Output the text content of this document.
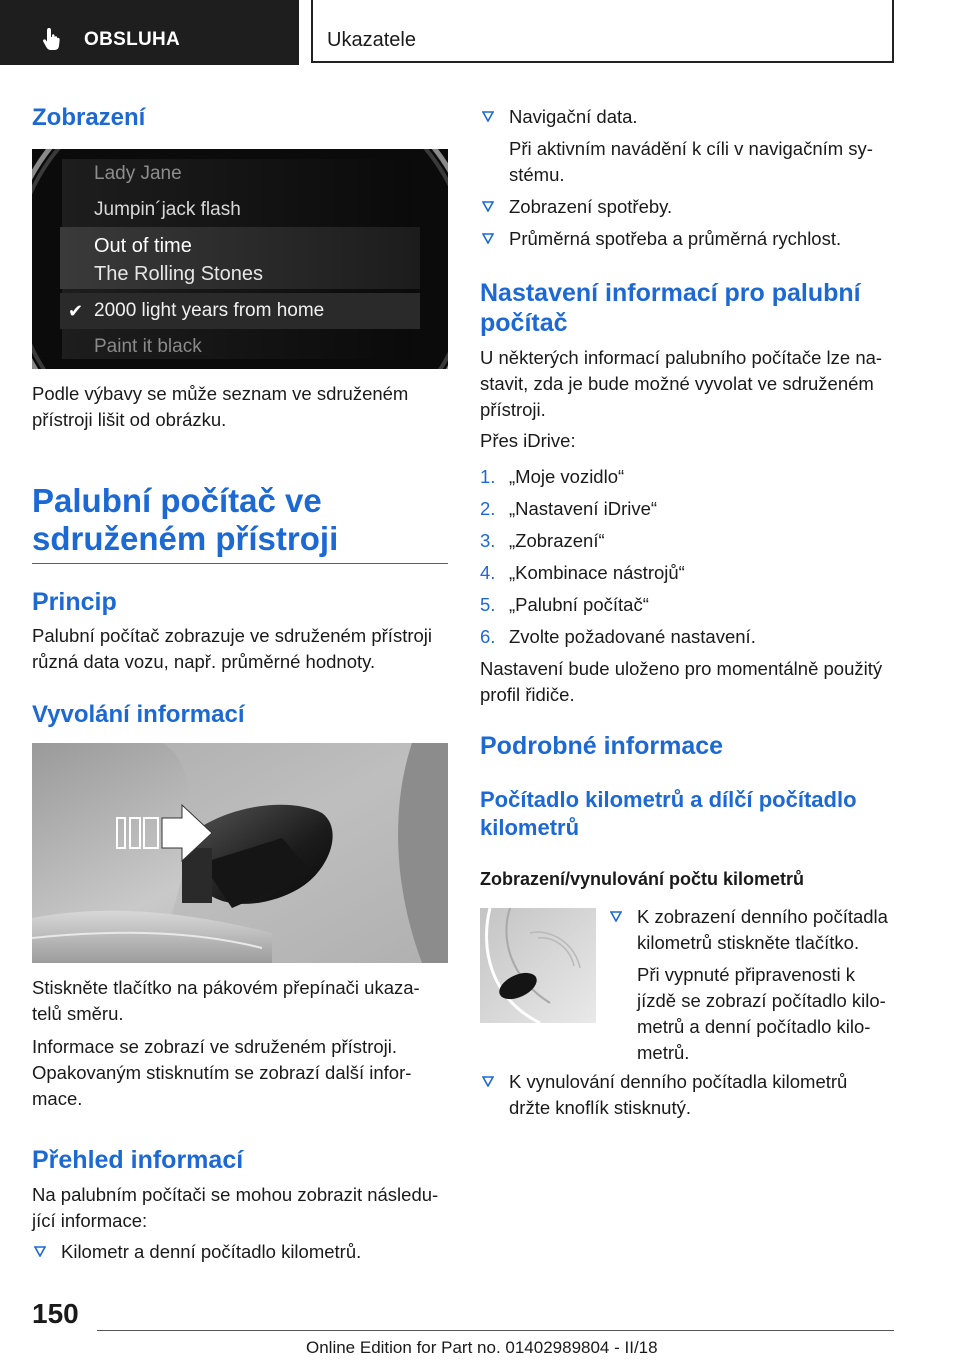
OBSLUHA	Ukazatele
Zobrazení
Lady Jane
Jumpin´jack flash
Out of time
The Rolling Stones
✔ 2000 light years from home
Paint it black
Podle výbavy se může seznam ve sdruženém
přístroji lišit od obrázku.
Palubní počítač ve
sdruženém přístroji
Princip
Palubní počítač zobrazuje ve sdruženém přístroji
různá data vozu, např. průměrné hodnoty.
Vyvolání informací
Stiskněte tlačítko na pákovém přepínači ukaza‐
telů směru.
Informace se zobrazí ve sdruženém přístroji.
Opakovaným stisknutím se zobrazí další infor‐
mace.
Přehled informací
Na palubním počítači se mohou zobrazit následu‐
jící informace:
Kilometr a denní počítadlo kilometrů.
Navigační data.
Při aktivním navádění k cíli v navigačním sy‐
stému.
Zobrazení spotřeby.
Průměrná spotřeba a průměrná rychlost.
Nastavení informací pro palubní
počítač
U některých informací palubního počítače lze na‐
stavit, zda je bude možné vyvolat ve sdruženém
přístroji.
Přes iDrive:
1. „Moje vozidlo“
2. „Nastavení iDrive“
3. „Zobrazení“
4. „Kombinace nástrojů“
5. „Palubní počítač“
6. Zvolte požadované nastavení.
Nastavení bude uloženo pro momentálně použitý
profil řidiče.
Podrobné informace
Počítadlo kilometrů a dílčí počítadlo
kilometrů
Zobrazení/vynulování počtu kilometrů
K zobrazení denního počítadla
kilometrů stiskněte tlačítko.
Při vypnuté připravenosti k
jízdě se zobrazí počítadlo kilo‐
metrů a denní počítadlo kilo‐
metrů.
K vynulování denního počítadla kilometrů
držte knoflík stisknutý.
150
Online Edition for Part no. 01402989804 - II/18
